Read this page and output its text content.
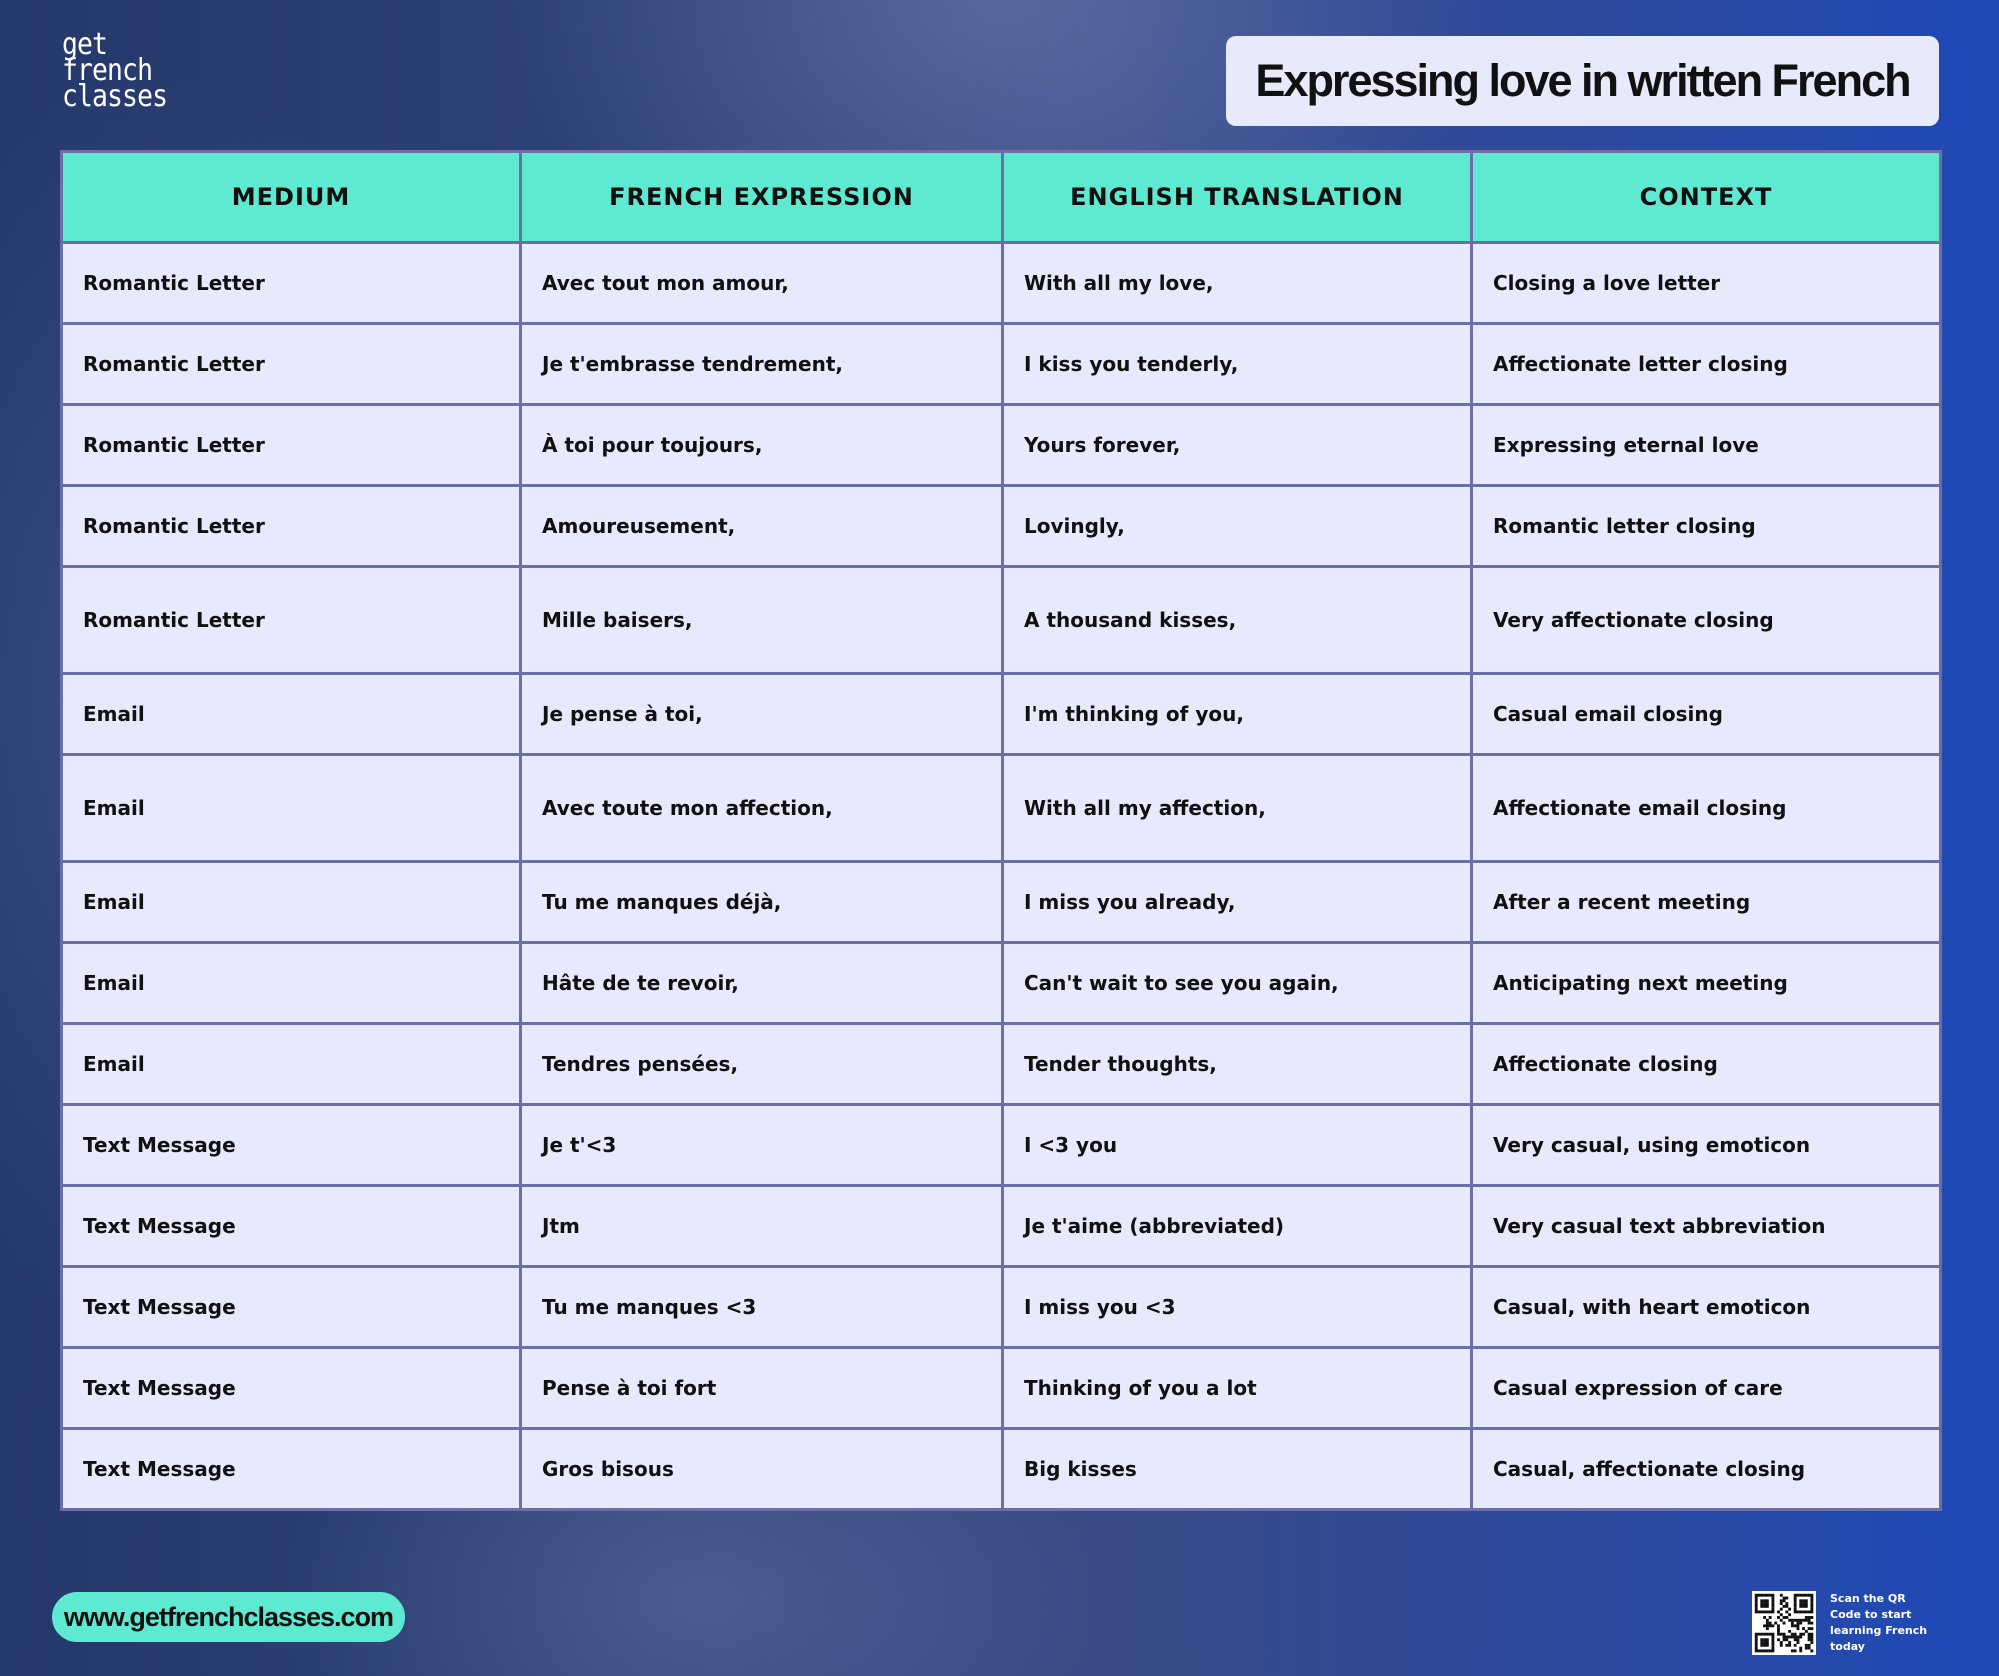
get
french
classes	Expressing love in written French
MEDIUM	FRENCH EXPRESSION	ENGLISH TRANSLATION	CONTEXT
Romantic Letter	Avec tout mon amour,	With all my love,	Closing a love letter
Romantic Letter	Je t'embrasse tendrement,	I kiss you tenderly,	Affectionate letter closing
Romantic Letter	À toi pour toujours,	Yours forever,	Expressing eternal love
Romantic Letter	Amoureusement,	Lovingly,	Romantic letter closing
Romantic Letter	Mille baisers,	A thousand kisses,	Very affectionate closing
Email	Je pense à toi,	I'm thinking of you,	Casual email closing
Email	Avec toute mon affection,	With all my affection,	Affectionate email closing
Email	Tu me manques déjà,	I miss you already,	After a recent meeting
Email	Hâte de te revoir,	Can't wait to see you again,	Anticipating next meeting
Email	Tendres pensées,	Tender thoughts,	Affectionate closing
Text Message	Je t'<3	I <3 you	Very casual, using emoticon
Text Message	Jtm	Je t'aime (abbreviated)	Very casual text abbreviation
Text Message	Tu me manques <3	I miss you <3	Casual, with heart emoticon
Text Message	Pense à toi fort	Thinking of you a lot	Casual expression of care
Text Message	Gros bisous	Big kisses	Casual, affectionate closing
www.getfrenchclasses.com
Scan the QR Code to start learning French today
